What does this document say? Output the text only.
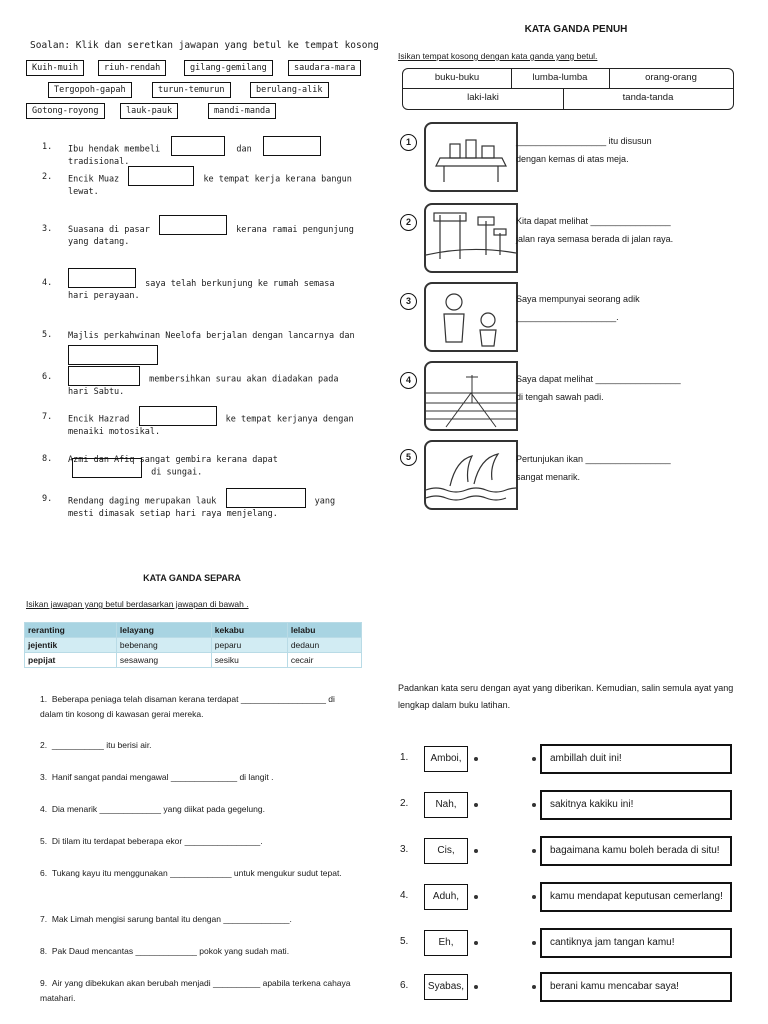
Soalan: Klik dan seretkan jawapan yang betul ke tempat kosong
Kuih-muih	riuh-rendah	gilang-gemilang	saudara-mara
Tergopoh-gapah	turun-temurun	berulang-alik
Gotong-royong	lauk-pauk	mandi-manda
1. Ibu hendak membeli	dan  tradisional.
2. Encik Muaz	ke tempat kerja kerana bangun lewat.
3. Suasana di pasar	kerana ramai pengunjung yang datang.
4.	saya telah berkunjung ke rumah semasa hari perayaan.
5. Majlis perkahwinan Neelofa berjalan dengan lancarnya dan

6.	membersihkan surau akan diadakan pada hari Sabtu.
7. Encik Hazrad	ke tempat kerjanya dengan menaiki motosikal.
8. Azmi dan Afiq sangat gembira kerana dapat  di sungai.
9. Rendang daging merupakan lauk	yang mesti dimasak setiap hari raya menjelang.
KATA GANDA PENUH
Isikan tempat kosong dengan kata ganda yang betul.
buku-buku	lumba-lumba	orang-orang
laki-laki	tanda-tanda
1	__________________ itu disusun
dengan kemas di atas meja.
2	Kita dapat melihat ________________
jalan raya semasa berada di jalan raya.
3	Saya mempunyai seorang adik
____________________.
4	Saya dapat melihat _________________
di tengah sawah padi.
5	Pertunjukan ikan _________________
sangat menarik.
KATA GANDA SEPARA
Isikan jawapan yang betul berdasarkan jawapan di bawah .
reranting	lelayang	kekabu	lelabu
jejentik	bebenang	peparu	dedaun
pepijat	sesawang	sesiku	cecair
1. Beberapa peniaga telah disaman kerana terdapat __________________ di dalam tin kosong di kawasan gerai mereka.
2. ___________ itu berisi air.
3. Hanif sangat pandai mengawal ______________ di langit .
4. Dia menarik _____________ yang diikat pada gegelung.
5. Di tilam itu terdapat beberapa ekor ________________.
6. Tukang kayu itu menggunakan _____________ untuk mengukur sudut tepat.
7. Mak Limah mengisi sarung bantal itu dengan ______________.
8. Pak Daud mencantas _____________ pokok yang sudah mati.
9. Air yang dibekukan akan berubah menjadi __________ apabila terkena cahaya matahari.
Padankan kata seru dengan ayat yang diberikan. Kemudian, salin semula ayat yang lengkap dalam buku latihan.
1.	Amboi,	ambillah duit ini!
2.	Nah,	sakitnya kakiku ini!
3.	Cis,	bagaimana kamu boleh berada di situ!
4.	Aduh,	kamu mendapat keputusan cemerlang!
5.	Eh,	cantiknya jam tangan kamu!
6.	Syabas,	berani kamu mencabar saya!
